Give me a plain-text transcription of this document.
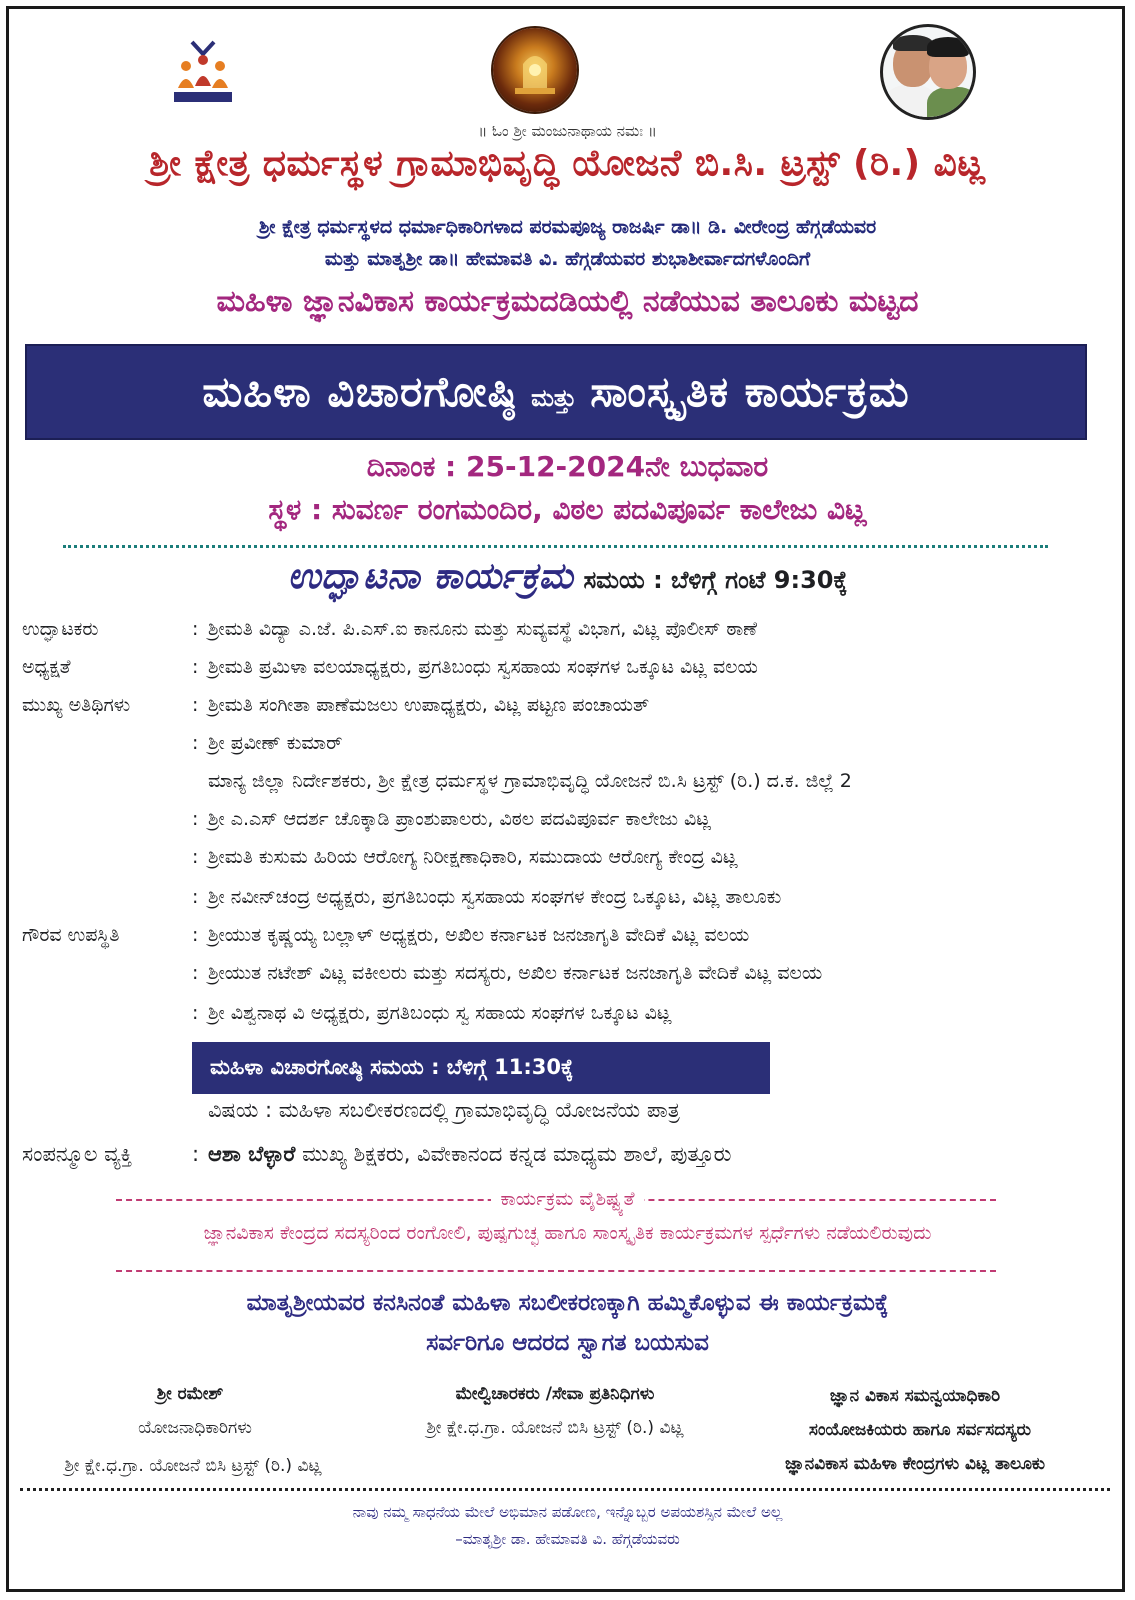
॥ ಓಂ ಶ್ರೀ ಮಂಜುನಾಥಾಯ ನಮಃ ॥
ಶ್ರೀ ಕ್ಷೇತ್ರ ಧರ್ಮಸ್ಥಳ ಗ್ರಾಮಾಭಿವೃದ್ಧಿ ಯೋಜನೆ ಬಿ.ಸಿ. ಟ್ರಸ್ಟ್ (ರಿ.) ವಿಟ್ಲ
ಶ್ರೀ ಕ್ಷೇತ್ರ ಧರ್ಮಸ್ಥಳದ ಧರ್ಮಾಧಿಕಾರಿಗಳಾದ ಪರಮಪೂಜ್ಯ ರಾಜರ್ಷಿ ಡಾ॥ ಡಿ. ವೀರೇಂದ್ರ ಹೆಗ್ಗಡೆಯವರ
ಮತ್ತು ಮಾತೃಶ್ರೀ ಡಾ॥ ಹೇಮಾವತಿ ವಿ. ಹೆಗ್ಗಡೆಯವರ ಶುಭಾಶೀರ್ವಾದಗಳೊಂದಿಗೆ
ಮಹಿಳಾ ಜ್ಞಾನವಿಕಾಸ ಕಾರ್ಯಕ್ರಮದಡಿಯಲ್ಲಿ ನಡೆಯುವ ತಾಲೂಕು ಮಟ್ಟದ
ಮಹಿಳಾ ವಿಚಾರಗೋಷ್ಠಿ ಮತ್ತು ಸಾಂಸ್ಕೃತಿಕ ಕಾರ್ಯಕ್ರಮ
ದಿನಾಂಕ : 25-12-2024ನೇ ಬುಧವಾರ
ಸ್ಥಳ : ಸುವರ್ಣ ರಂಗಮಂದಿರ, ವಿಠಲ ಪದವಿಪೂರ್ವ ಕಾಲೇಜು ವಿಟ್ಲ
ಉದ್ಘಾಟನಾ ಕಾರ್ಯಕ್ರಮ ಸಮಯ : ಬೆಳಿಗ್ಗೆ ಗಂಟೆ 9:30ಕ್ಕೆ
ಉದ್ಘಾಟಕರು	: ಶ್ರೀಮತಿ ವಿದ್ಯಾ ಎ.ಜೆ. ಪಿ.ಎಸ್.ಐ ಕಾನೂನು ಮತ್ತು ಸುವ್ಯವಸ್ಥೆ ವಿಭಾಗ, ವಿಟ್ಲ ಪೊಲೀಸ್ ಠಾಣೆ
ಅಧ್ಯಕ್ಷತೆ	: ಶ್ರೀಮತಿ ಪ್ರಮಿಳಾ ವಲಯಾಧ್ಯಕ್ಷರು, ಪ್ರಗತಿಬಂಧು ಸ್ವಸಹಾಯ ಸಂಘಗಳ ಒಕ್ಕೂಟ ವಿಟ್ಲ ವಲಯ
ಮುಖ್ಯ ಅತಿಥಿಗಳು	: ಶ್ರೀಮತಿ ಸಂಗೀತಾ ಪಾಣೆಮಜಲು ಉಪಾಧ್ಯಕ್ಷರು, ವಿಟ್ಲ ಪಟ್ಟಣ ಪಂಚಾಯತ್
: ಶ್ರೀ ಪ್ರವೀಣ್ ಕುಮಾರ್
ಮಾನ್ಯ ಜಿಲ್ಲಾ ನಿರ್ದೇಶಕರು, ಶ್ರೀ ಕ್ಷೇತ್ರ ಧರ್ಮಸ್ಥಳ ಗ್ರಾಮಾಭಿವೃದ್ಧಿ ಯೋಜನೆ ಬಿ.ಸಿ ಟ್ರಸ್ಟ್ (ರಿ.) ದ.ಕ. ಜಿಲ್ಲೆ 2
: ಶ್ರೀ ಎ.ಎಸ್ ಆದರ್ಶ ಚೊಕ್ಕಾಡಿ ಪ್ರಾಂಶುಪಾಲರು, ವಿಠಲ ಪದವಿಪೂರ್ವ ಕಾಲೇಜು ವಿಟ್ಲ
: ಶ್ರೀಮತಿ ಕುಸುಮ ಹಿರಿಯ ಆರೋಗ್ಯ ನಿರೀಕ್ಷಣಾಧಿಕಾರಿ, ಸಮುದಾಯ ಆರೋಗ್ಯ ಕೇಂದ್ರ ವಿಟ್ಲ
: ಶ್ರೀ ನವೀನ್‌ಚಂದ್ರ ಅಧ್ಯಕ್ಷರು, ಪ್ರಗತಿಬಂಧು ಸ್ವಸಹಾಯ ಸಂಘಗಳ ಕೇಂದ್ರ ಒಕ್ಕೂಟ, ವಿಟ್ಲ ತಾಲೂಕು
ಗೌರವ ಉಪಸ್ಥಿತಿ	: ಶ್ರೀಯುತ ಕೃಷ್ಣಯ್ಯ ಬಲ್ಲಾಳ್ ಅಧ್ಯಕ್ಷರು, ಅಖಿಲ ಕರ್ನಾಟಕ ಜನಜಾಗೃತಿ ವೇದಿಕೆ ವಿಟ್ಲ ವಲಯ
: ಶ್ರೀಯುತ ನಟೇಶ್ ವಿಟ್ಲ ವಕೀಲರು ಮತ್ತು ಸದಸ್ಯರು, ಅಖಿಲ ಕರ್ನಾಟಕ ಜನಜಾಗೃತಿ ವೇದಿಕೆ ವಿಟ್ಲ ವಲಯ
: ಶ್ರೀ ವಿಶ್ವನಾಥ ವಿ ಅಧ್ಯಕ್ಷರು, ಪ್ರಗತಿಬಂಧು ಸ್ವ ಸಹಾಯ ಸಂಘಗಳ ಒಕ್ಕೂಟ ವಿಟ್ಲ
ಮಹಿಳಾ ವಿಚಾರಗೋಷ್ಠಿ ಸಮಯ : ಬೆಳಿಗ್ಗೆ 11:30ಕ್ಕೆ
ವಿಷಯ : ಮಹಿಳಾ ಸಬಲೀಕರಣದಲ್ಲಿ ಗ್ರಾಮಾಭಿವೃದ್ಧಿ ಯೋಜನೆಯ ಪಾತ್ರ
ಸಂಪನ್ಮೂಲ ವ್ಯಕ್ತಿ	: ಆಶಾ ಬೆಳ್ಳಾರೆ ಮುಖ್ಯ ಶಿಕ್ಷಕರು, ವಿವೇಕಾನಂದ ಕನ್ನಡ ಮಾಧ್ಯಮ ಶಾಲೆ, ಪುತ್ತೂರು
ಕಾರ್ಯಕ್ರಮ ವೈಶಿಷ್ಟ್ಯತೆ
ಜ್ಞಾನವಿಕಾಸ ಕೇಂದ್ರದ ಸದಸ್ಯರಿಂದ ರಂಗೋಲಿ, ಪುಷ್ಪಗುಚ್ಛ ಹಾಗೂ ಸಾಂಸ್ಕೃತಿಕ ಕಾರ್ಯಕ್ರಮಗಳ ಸ್ಪರ್ಧೆಗಳು ನಡೆಯಲಿರುವುದು
ಮಾತೃಶ್ರೀಯವರ ಕನಸಿನಂತೆ ಮಹಿಳಾ ಸಬಲೀಕರಣಕ್ಕಾಗಿ ಹಮ್ಮಿಕೊಳ್ಳುವ ಈ ಕಾರ್ಯಕ್ರಮಕ್ಕೆ
ಸರ್ವರಿಗೂ ಆದರದ ಸ್ವಾಗತ ಬಯಸುವ
ಶ್ರೀ ರಮೇಶ್
ಯೋಜನಾಧಿಕಾರಿಗಳು
ಶ್ರೀ ಕ್ಷೇ.ಧ.ಗ್ರಾ. ಯೋಜನೆ ಬಿಸಿ ಟ್ರಸ್ಟ್ (ರಿ.) ವಿಟ್ಲ
ಮೇಲ್ವಿಚಾರಕರು /ಸೇವಾ ಪ್ರತಿನಿಧಿಗಳು
ಶ್ರೀ ಕ್ಷೇ.ಧ.ಗ್ರಾ. ಯೋಜನೆ ಬಿಸಿ ಟ್ರಸ್ಟ್ (ರಿ.) ವಿಟ್ಲ
ಜ್ಞಾನ ವಿಕಾಸ ಸಮನ್ವಯಾಧಿಕಾರಿ
ಸಂಯೋಜಕಿಯರು ಹಾಗೂ ಸರ್ವಸದಸ್ಯರು
ಜ್ಞಾನವಿಕಾಸ ಮಹಿಳಾ ಕೇಂದ್ರಗಳು ವಿಟ್ಲ ತಾಲೂಕು
ನಾವು ನಮ್ಮ ಸಾಧನೆಯ ಮೇಲೆ ಅಭಿಮಾನ ಪಡೋಣ, ಇನ್ನೊಬ್ಬರ ಅಪಯಶಸ್ಸಿನ ಮೇಲೆ ಅಲ್ಲ
–ಮಾತೃಶ್ರೀ ಡಾ. ಹೇಮಾವತಿ ವಿ. ಹೆಗ್ಗಡೆಯವರು
